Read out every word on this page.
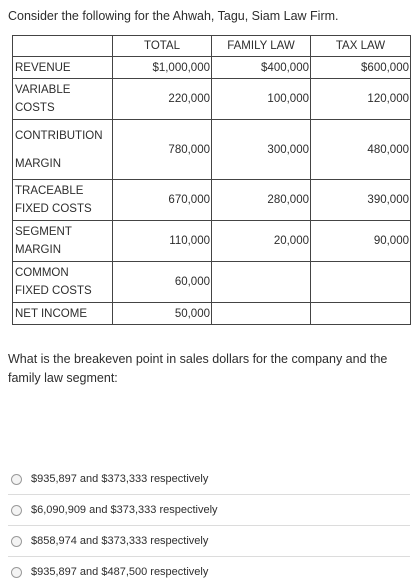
Consider the following for the Ahwah, Tagu, Siam Law Firm.
	TOTAL	FAMILY LAW	TAX LAW
REVENUE	$1,000,000	$400,000	$600,000
VARIABLE
COSTS	220,000	100,000	120,000
CONTRIBUTION

MARGIN	780,000	300,000	480,000
TRACEABLE
FIXED COSTS	670,000	280,000	390,000
SEGMENT
MARGIN	110,000	20,000	90,000
COMMON
FIXED COSTS	60,000		
NET INCOME	50,000		
What is the breakeven point in sales dollars for the company and the family law segment:
$935,897 and $373,333 respectively
$6,090,909 and $373,333 respectively
$858,974 and $373,333 respectively
$935,897 and $487,500 respectively
